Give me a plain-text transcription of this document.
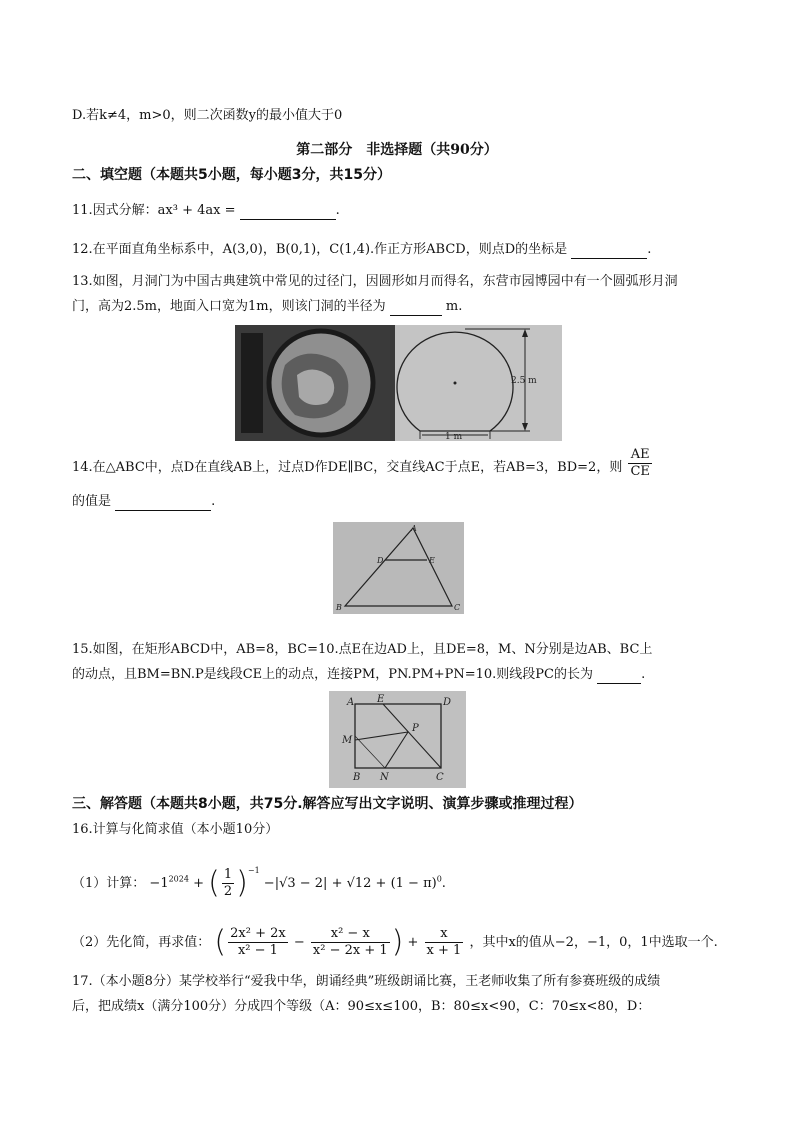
D.若k≠4，m>0，则二次函数y的最小值大于0
第二部分　非选择题（共90分）
二、填空题（本题共5小题，每小题3分，共15分）
11.因式分解：ax³ + 4ax =	.
12.在平面直角坐标系中，A(3,0)，B(0,1)，C(1,4).作正方形ABCD，则点D的坐标是	.
13.如图，月洞门为中国古典建筑中常见的过径门，因圆形如月而得名，东营市园博园中有一个圆弧形月洞
门，高为2.5m，地面入口宽为1m，则该门洞的半径为	m.
2.5 m
1 m
14.在△ABC中，点D在直线AB上，过点D作DE∥BC，交直线AC于点E，若AB=3，BD=2，则 $\frac{AE}{CE}$
的值是	.
A
B	C
D	E
15.如图，在矩形ABCD中，AB=8，BC=10.点E在边AD上，且DE=8，M、N分别是边AB、BC上
的动点，且BM=BN.P是线段CE上的动点，连接PM，PN.PM+PN=10.则线段PC的长为	.
A E	D
M
P
B N	C
三、解答题（本题共8小题，共75分.解答应写出文字说明、演算步骤或推理过程）
16.计算与化简求值（本小题10分）
（1）计算： $-1^{2024}$ + ( $\frac{1}{2} )^{-1} -|√3 - 2| + √12 + (1 - \pi)^0$.
（2）先化简，再求值： ( $\frac{\text{2x² + 2x}}{\text{x² − 1}} - \frac{\text{x² − x}}{\text{x² − 2x + 1}}$ ) + $\frac{x}{x + 1}$ ，其中x的值从−2，−1，0，1中选取一个.
17.（本小题8分）某学校举行“爱我中华，朗诵经典”班级朗诵比赛，王老师收集了所有参赛班级的成绩
后，把成绩x（满分100分）分成四个等级（A：90≤x≤100，B：80≤x<90，C：70≤x<80，D：
